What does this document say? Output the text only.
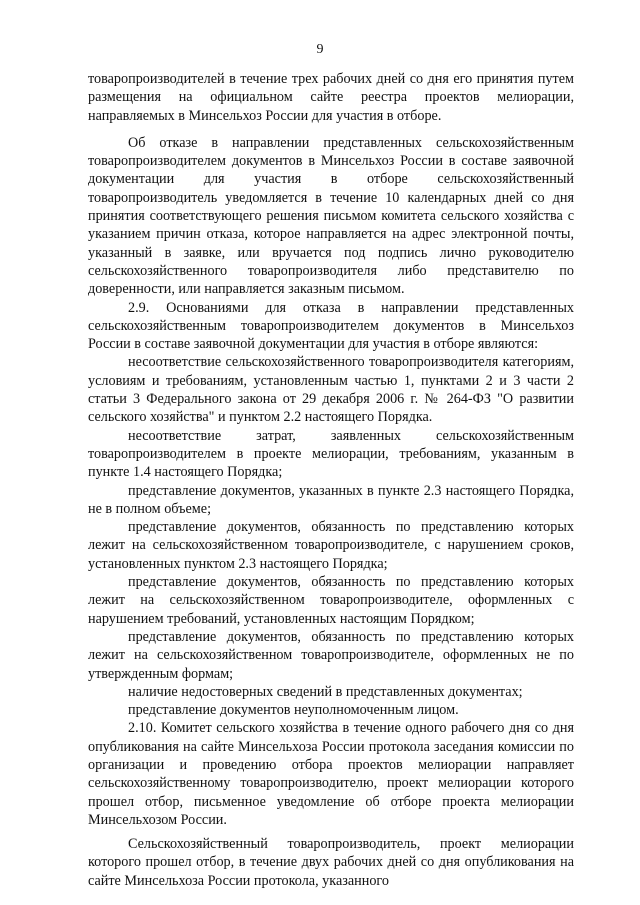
9

товаропроизводителей в течение трех рабочих дней со дня его принятия путем размещения на официальном сайте реестра проектов мелиорации, направляемых в Минсельхоз России для участия в отборе.

Об отказе в направлении представленных сельскохозяйственным товаропроизводителем документов в Минсельхоз России в составе заявочной документации для участия в отборе сельскохозяйственный товаропроизводитель уведомляется в течение 10 календарных дней со дня принятия соответствующего решения письмом комитета сельского хозяйства с указанием причин отказа, которое направляется на адрес электронной почты, указанный в заявке, или вручается под подпись лично руководителю сельскохозяйственного товаропроизводителя либо представителю по доверенности, или направляется заказным письмом.

2.9. Основаниями для отказа в направлении представленных сельскохозяйственным товаропроизводителем документов в Минсельхоз России в составе заявочной документации для участия в отборе являются:

несоответствие сельскохозяйственного товаропроизводителя категориям, условиям и требованиям, установленным частью 1, пунктами 2 и 3 части 2 статьи 3 Федерального закона от 29 декабря 2006 г. № 264-ФЗ "О развитии сельского хозяйства" и пунктом 2.2 настоящего Порядка.

несоответствие затрат, заявленных сельскохозяйственным товаропроизводителем в проекте мелиорации, требованиям, указанным в пункте 1.4 настоящего Порядка;

представление документов, указанных в пункте 2.3 настоящего Порядка, не в полном объеме;

представление документов, обязанность по представлению которых лежит на сельскохозяйственном товаропроизводителе, с нарушением сроков, установленных пунктом 2.3 настоящего Порядка;

представление документов, обязанность по представлению которых лежит на сельскохозяйственном товаропроизводителе, оформленных с нарушением требований, установленных настоящим Порядком;

представление документов, обязанность по представлению которых лежит на сельскохозяйственном товаропроизводителе, оформленных не по утвержденным формам;

наличие недостоверных сведений в представленных документах;

представление документов неуполномоченным лицом.

2.10. Комитет сельского хозяйства в течение одного рабочего дня со дня опубликования на сайте Минсельхоза России протокола заседания комиссии по организации и проведению отбора проектов мелиорации направляет сельскохозяйственному товаропроизводителю, проект мелиорации которого прошел отбор, письменное уведомление об отборе проекта мелиорации Минсельхозом России.

Сельскохозяйственный товаропроизводитель, проект мелиорации которого прошел отбор, в течение двух рабочих дней со дня опубликования на сайте Минсельхоза России протокола, указанного
